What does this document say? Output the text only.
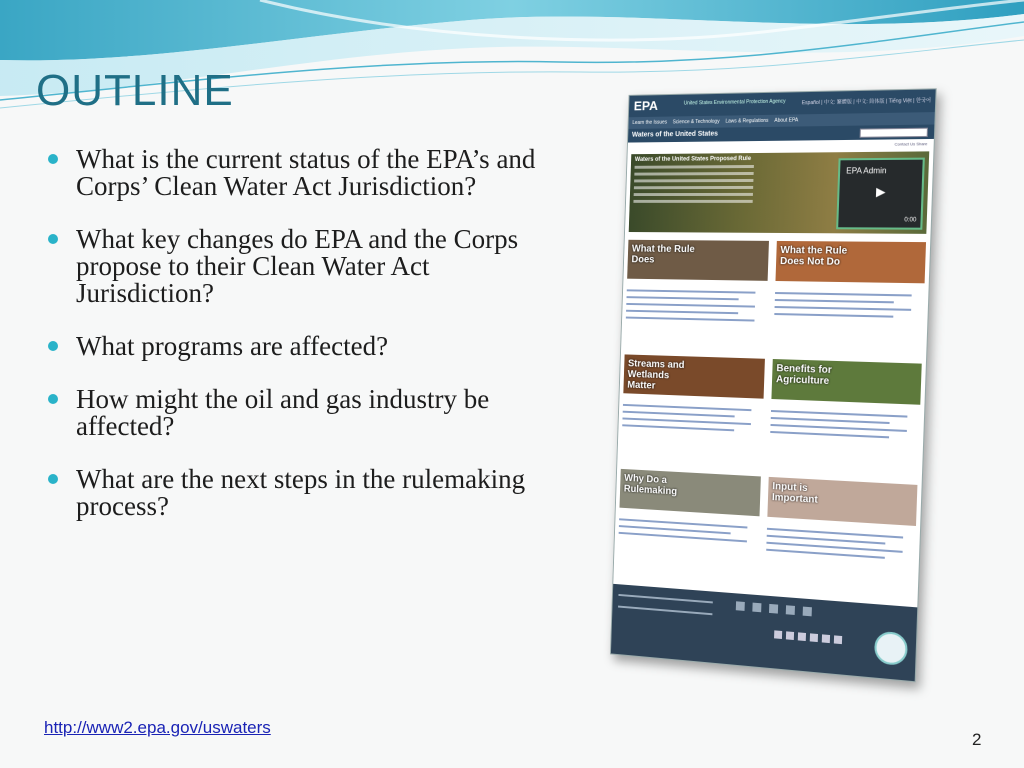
OUTLINE
What is the current status of the EPA’s and Corps’ Clean Water Act Jurisdiction?
What key changes do EPA and the Corps propose to their Clean Water Act Jurisdiction?
What programs are affected?
How might the oil and gas industry be affected?
What are the next steps in the rulemaking process?
EPA	United States Environmental Protection Agency	Español | 中文: 繁體版 | 中文: 简体版 | Tiếng Việt | 한국어
Learn the Issues Science & Technology Laws & Regulations About EPA
Waters of the United States
Contact Us Share
Waters of the United States Proposed Rule
EPA Admin
▶
0:00
What the Rule Does
What the Rule Does Not Do
Streams and Wetlands Matter
Benefits for Agriculture
Why Do a Rulemaking	Input is Important
http://www2.epa.gov/uswaters
2
